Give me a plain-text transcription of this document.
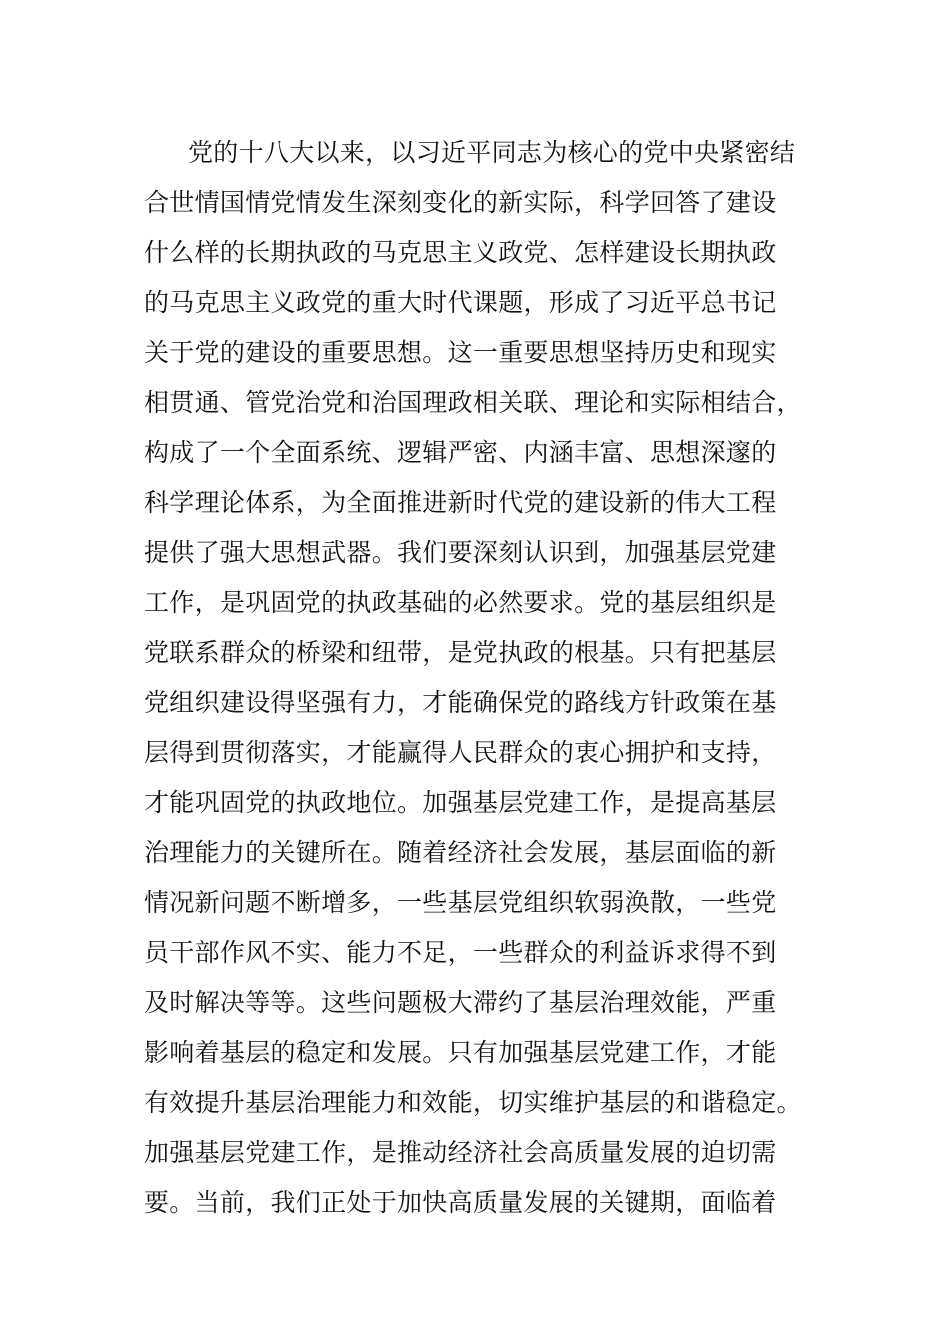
党的十八大以来，以习近平同志为核心的党中央紧密结
合世情国情党情发生深刻变化的新实际，科学回答了建设
什么样的长期执政的马克思主义政党、怎样建设长期执政
的马克思主义政党的重大时代课题，形成了习近平总书记
关于党的建设的重要思想。这一重要思想坚持历史和现实
相贯通、管党治党和治国理政相关联、理论和实际相结合，
构成了一个全面系统、逻辑严密、内涵丰富、思想深邃的
科学理论体系，为全面推进新时代党的建设新的伟大工程
提供了强大思想武器。我们要深刻认识到，加强基层党建
工作，是巩固党的执政基础的必然要求。党的基层组织是
党联系群众的桥梁和纽带，是党执政的根基。只有把基层
党组织建设得坚强有力，才能确保党的路线方针政策在基
层得到贯彻落实，才能赢得人民群众的衷心拥护和支持，
才能巩固党的执政地位。加强基层党建工作，是提高基层
治理能力的关键所在。随着经济社会发展，基层面临的新
情况新问题不断增多，一些基层党组织软弱涣散，一些党
员干部作风不实、能力不足，一些群众的利益诉求得不到
及时解决等等。这些问题极大滞约了基层治理效能，严重
影响着基层的稳定和发展。只有加强基层党建工作，才能
有效提升基层治理能力和效能，切实维护基层的和谐稳定。
加强基层党建工作，是推动经济社会高质量发展的迫切需
要。当前，我们正处于加快高质量发展的关键期，面临着
